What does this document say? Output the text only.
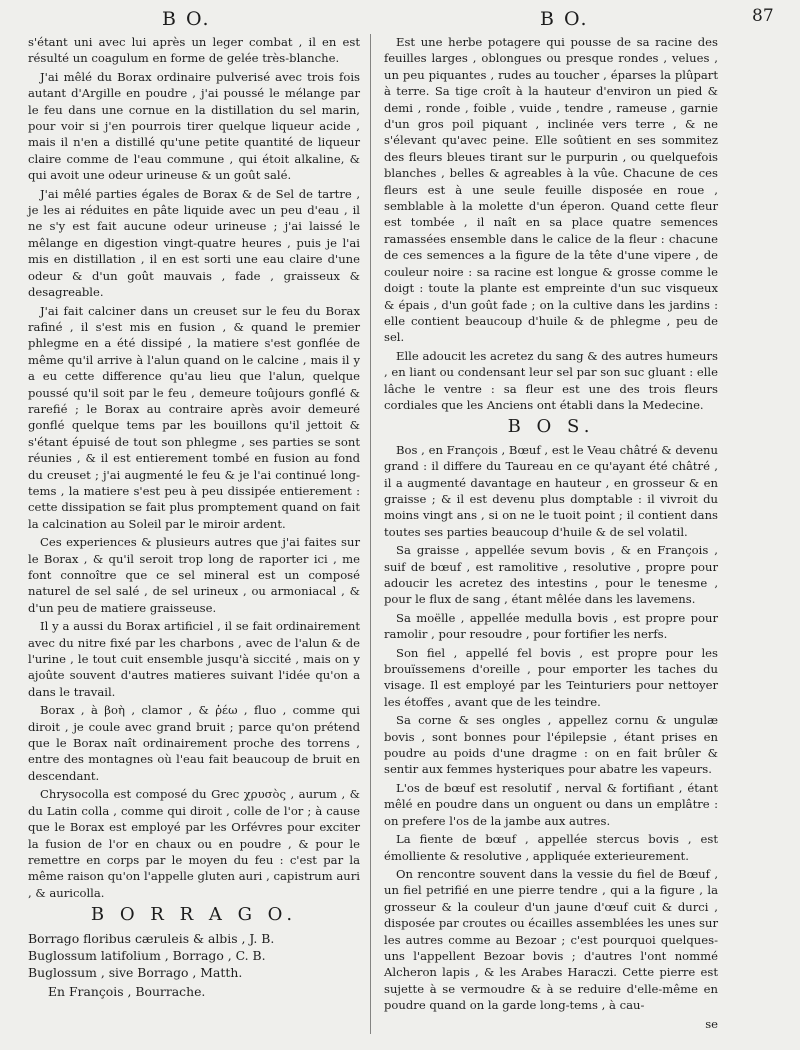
B O.	B O.	87

s'étant uni avec lui après un leger combat , il en est résulté un coagulum en forme de gelée très-blanche.

J'ai mêlé du Borax ordinaire pulverisé avec trois fois autant d'Argille en poudre , j'ai poussé le mélange par le feu dans une cornue en la distillation du sel marin, pour voir si j'en pourrois tirer quelque liqueur acide , mais il n'en a distillé qu'une petite quantité de liqueur claire comme de l'eau commune , qui étoit alkaline, & qui avoit une odeur urineuse & un goût salé.

J'ai mêlé parties égales de Borax & de Sel de tartre , je les ai réduites en pâte liquide avec un peu d'eau , il ne s'y est fait aucune odeur urineuse ; j'ai laissé le mêlange en digestion vingt-quatre heures , puis je l'ai mis en distillation , il en est sorti une eau claire d'une odeur & d'un goût mauvais , fade , graisseux & desagreable.

J'ai fait calciner dans un creuset sur le feu du Borax rafiné , il s'est mis en fusion , & quand le premier phlegme en a été dissipé , la matiere s'est gonflée de même qu'il arrive à l'alun quand on le calcine , mais il y a eu cette difference qu'au lieu que l'alun, quelque poussé qu'il soit par le feu , demeure toûjours gonflé & rarefié ; le Borax au contraire après avoir demeuré gonflé quelque tems par les bouillons qu'il jettoit & s'étant épuisé de tout son phlegme , ses parties se sont réunies , & il est entierement tombé en fusion au fond du creuset ; j'ai augmenté le feu & je l'ai continué long-tems , la matiere s'est peu à peu dissipée entierement : cette dissipation se fait plus promptement quand on fait la calcination au Soleil par le miroir ardent.

Ces experiences & plusieurs autres que j'ai faites sur le Borax , & qu'il seroit trop long de raporter ici , me font connoître que ce sel mineral est un composé naturel de sel salé , de sel urineux , ou armoniacal , & d'un peu de matiere graisseuse.

Il y a aussi du Borax artificiel , il se fait ordinairement avec du nitre fixé par les charbons , avec de l'alun & de l'urine , le tout cuit ensemble jusqu'à siccité , mais on y ajoûte souvent d'autres matieres suivant l'idée qu'on a dans le travail.

Borax , à βοὴ , clamor , & ῥέω , fluo , comme qui diroit , je coule avec grand bruit ; parce qu'on prétend que le Borax naît ordinairement proche des torrens , entre des montagnes où l'eau fait beaucoup de bruit en descendant.

Chrysocolla est composé du Grec χρυσὸς , aurum , & du Latin colla , comme qui diroit , colle de l'or ; à cause que le Borax est employé par les Orfévres pour exciter la fusion de l'or en chaux ou en poudre , & pour le remettre en corps par le moyen du feu : c'est par la même raison qu'on l'appelle gluten auri , capistrum auri , & auricolla.

B O R R A G O.

Borrago floribus cæruleis & albis , J. B.

Buglossum latifolium , Borrago , C. B.

Buglossum , sive Borrago , Matth.

En François , Bourrache.

Est une herbe potagere qui pousse de sa racine des feuilles larges , oblongues ou presque rondes , velues , un peu piquantes , rudes au toucher , éparses la plûpart à terre. Sa tige croît à la hauteur d'environ un pied & demi , ronde , foible , vuide , tendre , rameuse , garnie d'un gros poil piquant , inclinée vers terre , & ne s'élevant qu'avec peine. Elle soûtient en ses sommitez des fleurs bleues tirant sur le purpurin , ou quelquefois blanches , belles & agreables à la vûe. Chacune de ces fleurs est à une seule feuille disposée en roue , semblable à la molette d'un éperon. Quand cette fleur est tombée , il naît en sa place quatre semences ramassées ensemble dans le calice de la fleur : chacune de ces semences a la figure de la tête d'une vipere , de couleur noire : sa racine est longue & grosse comme le doigt : toute la plante est empreinte d'un suc visqueux & épais , d'un goût fade ; on la cultive dans les jardins : elle contient beaucoup d'huile & de phlegme , peu de sel.

Elle adoucit les acretez du sang & des autres humeurs , en liant ou condensant leur sel par son suc gluant : elle lâche le ventre : sa fleur est une des trois fleurs cordiales que les Anciens ont établi dans la Medecine.

B O S.

Bos , en François , Bœuf , est le Veau châtré & devenu grand : il differe du Taureau en ce qu'ayant été châtré , il a augmenté davantage en hauteur , en grosseur & en graisse ; & il est devenu plus domptable : il vivroit du moins vingt ans , si on ne le tuoit point ; il contient dans toutes ses parties beaucoup d'huile & de sel volatil.

Sa graisse , appellée sevum bovis , & en François , suif de bœuf , est ramolitive , resolutive , propre pour adoucir les acretez des intestins , pour le tenesme , pour le flux de sang , étant mêlée dans les lavemens.

Sa moëlle , appellée medulla bovis , est propre pour ramolir , pour resoudre , pour fortifier les nerfs.

Son fiel , appellé fel bovis , est propre pour les brouïssemens d'oreille , pour emporter les taches du visage. Il est employé par les Teinturiers pour nettoyer les étoffes , avant que de les teindre.

Sa corne & ses ongles , appellez cornu & ungulæ bovis , sont bonnes pour l'épilepsie , étant prises en poudre au poids d'une dragme : on en fait brûler & sentir aux femmes hysteriques pour abatre les vapeurs.

L'os de bœuf est resolutif , nerval & fortifiant , étant mêlé en poudre dans un onguent ou dans un emplâtre : on prefere l'os de la jambe aux autres.

La fiente de bœuf , appellée stercus bovis , est émolliente & resolutive , appliquée exterieurement.

On rencontre souvent dans la vessie du fiel de Bœuf , un fiel petrifié en une pierre tendre , qui a la figure , la grosseur & la couleur d'un jaune d'œuf cuit & durci , disposée par croutes ou écailles assemblées les unes sur les autres comme au Bezoar ; c'est pourquoi quelques-uns l'appellent Bezoar bovis ; d'autres l'ont nommé Alcheron lapis , & les Arabes Haraczi. Cette pierre est sujette à se vermoudre & à se reduire d'elle-même en poudre quand on la garde long-tems , à cau-

se
